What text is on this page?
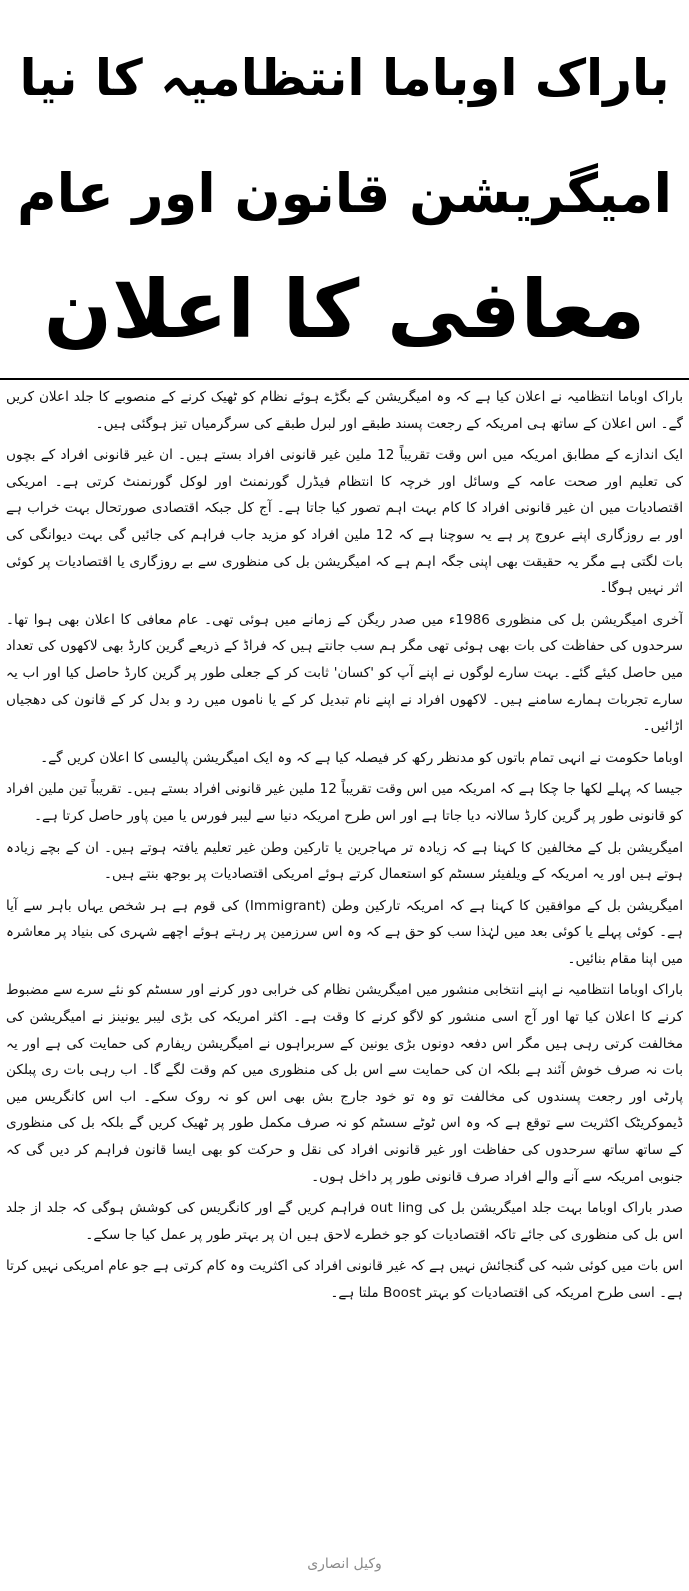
باراک اوباما انتظامیہ کا نیا
امیگریشن قانون اور عام
معافی کا اعلان

باراک اوباما انتظامیہ نے اعلان کیا ہے کہ وہ امیگریشن کے بگڑے ہوئے نظام کو ٹھیک کرنے کے منصوبے کا جلد اعلان کریں گے۔ اس اعلان کے ساتھ ہی امریکہ کے رجعت پسند طبقے اور لبرل طبقے کی سرگرمیاں تیز ہوگئی ہیں۔

ایک اندازے کے مطابق امریکہ میں اس وقت تقریباً 12 ملین غیر قانونی افراد بستے ہیں۔ ان غیر قانونی افراد کے بچوں کی تعلیم اور صحت عامہ کے وسائل اور خرچہ کا انتظام فیڈرل گورنمنٹ اور لوکل گورنمنٹ کرتی ہے۔ امریکی اقتصادیات میں ان غیر قانونی افراد کا کام بہت اہم تصور کیا جاتا ہے۔ آج کل جبکہ اقتصادی صورتحال بہت خراب ہے اور بے روزگاری اپنے عروج پر ہے یہ سوچنا ہے کہ 12 ملین افراد کو مزید جاب فراہم کی جائیں گی بہت دیوانگی کی بات لگتی ہے مگر یہ حقیقت بھی اپنی جگہ اہم ہے کہ امیگریشن بل کی منظوری سے بے روزگاری یا اقتصادیات پر کوئی اثر نہیں ہوگا۔

آخری امیگریشن بل کی منظوری 1986ء میں صدر ریگن کے زمانے میں ہوئی تھی۔ عام معافی کا اعلان بھی ہوا تھا۔ سرحدوں کی حفاظت کی بات بھی ہوئی تھی مگر ہم سب جانتے ہیں کہ فراڈ کے ذریعے گرین کارڈ بھی لاکھوں کی تعداد میں حاصل کیئے گئے۔ بہت سارے لوگوں نے اپنے آپ کو 'کسان' ثابت کر کے جعلی طور پر گرین کارڈ حاصل کیا اور اب یہ سارے تجربات ہمارے سامنے ہیں۔ لاکھوں افراد نے اپنے نام تبدیل کر کے یا ناموں میں رد و بدل کر کے قانون کی دھجیاں اڑائیں۔

اوباما حکومت نے انہی تمام باتوں کو مدنظر رکھ کر فیصلہ کیا ہے کہ وہ ایک امیگریشن پالیسی کا اعلان کریں گے۔

جیسا کہ پہلے لکھا جا چکا ہے کہ امریکہ میں اس وقت تقریباً 12 ملین غیر قانونی افراد بستے ہیں۔ تقریباً تین ملین افراد کو قانونی طور پر گرین کارڈ سالانہ دیا جاتا ہے اور اس طرح امریکہ دنیا سے لیبر فورس یا مین پاور حاصل کرتا ہے۔

امیگریشن بل کے مخالفین کا کہنا ہے کہ زیادہ تر مہاجرین یا تارکین وطن غیر تعلیم یافتہ ہوتے ہیں۔ ان کے بچے زیادہ ہوتے ہیں اور یہ امریکہ کے ویلفیئر سسٹم کو استعمال کرتے ہوئے امریکی اقتصادیات پر بوجھ بنتے ہیں۔

امیگریشن بل کے موافقین کا کہنا ہے کہ امریکہ تارکین وطن (Immigrant) کی قوم ہے ہر شخص یہاں باہر سے آیا ہے۔ کوئی پہلے یا کوئی بعد میں لہٰذا سب کو حق ہے کہ وہ اس سرزمین پر رہتے ہوئے اچھے شہری کی بنیاد پر معاشرہ میں اپنا مقام بنائیں۔

باراک اوباما انتظامیہ نے اپنے انتخابی منشور میں امیگریشن نظام کی خرابی دور کرنے اور سسٹم کو نئے سرے سے مضبوط کرنے کا اعلان کیا تھا اور آج اسی منشور کو لاگو کرنے کا وقت ہے۔ اکثر امریکہ کی بڑی لیبر یونینز نے امیگریشن کی مخالفت کرتی رہی ہیں مگر اس دفعہ دونوں بڑی یونین کے سربراہوں نے امیگریشن ریفارم کی حمایت کی ہے اور یہ بات نہ صرف خوش آئند ہے بلکہ ان کی حمایت سے اس بل کی منظوری میں کم وقت لگے گا۔ اب رہی بات ری پبلکن پارٹی اور رجعت پسندوں کی مخالفت تو وہ تو خود جارج بش بھی اس کو نہ روک سکے۔ اب اس کانگریس میں ڈیموکریٹک اکثریت سے توقع ہے کہ وہ اس ٹوٹے سسٹم کو نہ صرف مکمل طور پر ٹھیک کریں گے بلکہ بل کی منظوری کے ساتھ ساتھ سرحدوں کی حفاظت اور غیر قانونی افراد کی نقل و حرکت کو بھی ایسا قانون فراہم کر دیں گی کہ جنوبی امریکہ سے آنے والے افراد صرف قانونی طور پر داخل ہوں۔

صدر باراک اوباما بہت جلد امیگریشن بل کی out ling فراہم کریں گے اور کانگریس کی کوشش ہوگی کہ جلد از جلد اس بل کی منظوری کی جائے تاکہ اقتصادیات کو جو خطرے لاحق ہیں ان پر بہتر طور پر عمل کیا جا سکے۔

اس بات میں کوئی شبہ کی گنجائش نہیں ہے کہ غیر قانونی افراد کی اکثریت وہ کام کرتی ہے جو عام امریکی نہیں کرتا ہے۔ اسی طرح امریکہ کی اقتصادیات کو بہتر Boost ملتا ہے۔

وکیل انصاری
